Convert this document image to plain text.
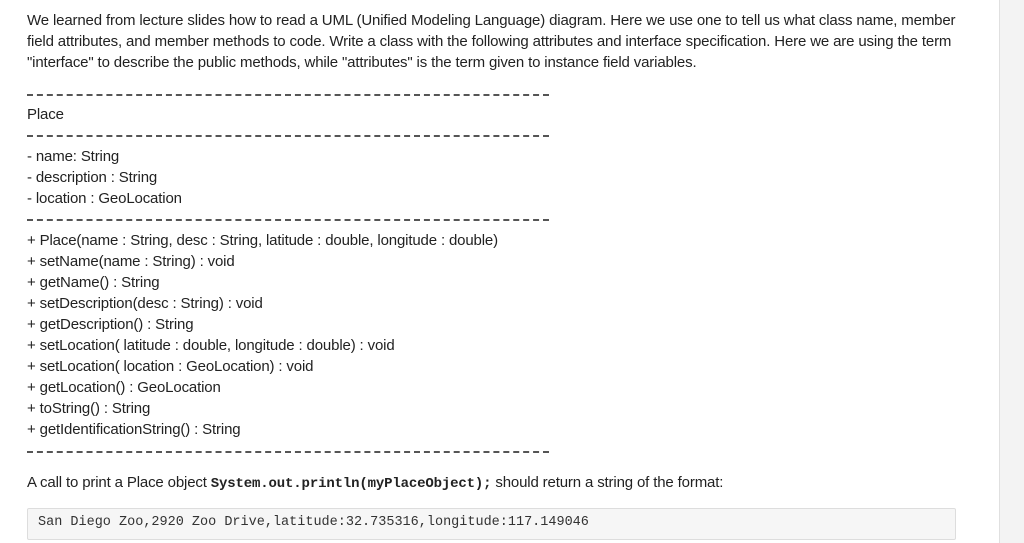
We learned from lecture slides how to read a UML (Unified Modeling Language) diagram. Here we use one to tell us what class name, member field attributes, and member methods to code. Write a class with the following attributes and interface specification. Here we are using the term "interface" to describe the public methods, while "attributes" is the term given to instance field variables.
Place
- name: String
- description : String
- location : GeoLocation
+ Place(name : String, desc : String, latitude : double, longitude : double)
+ setName(name : String) : void
+ getName() : String
+ setDescription(desc : String) : void
+ getDescription() : String
+ setLocation( latitude : double, longitude : double) : void
+ setLocation( location : GeoLocation) : void
+ getLocation() : GeoLocation
+ toString() : String
+ getIdentificationString() : String
A call to print a Place object System.out.println(myPlaceObject); should return a string of the format:
San Diego Zoo,2920 Zoo Drive,latitude:32.735316,longitude:117.149046
